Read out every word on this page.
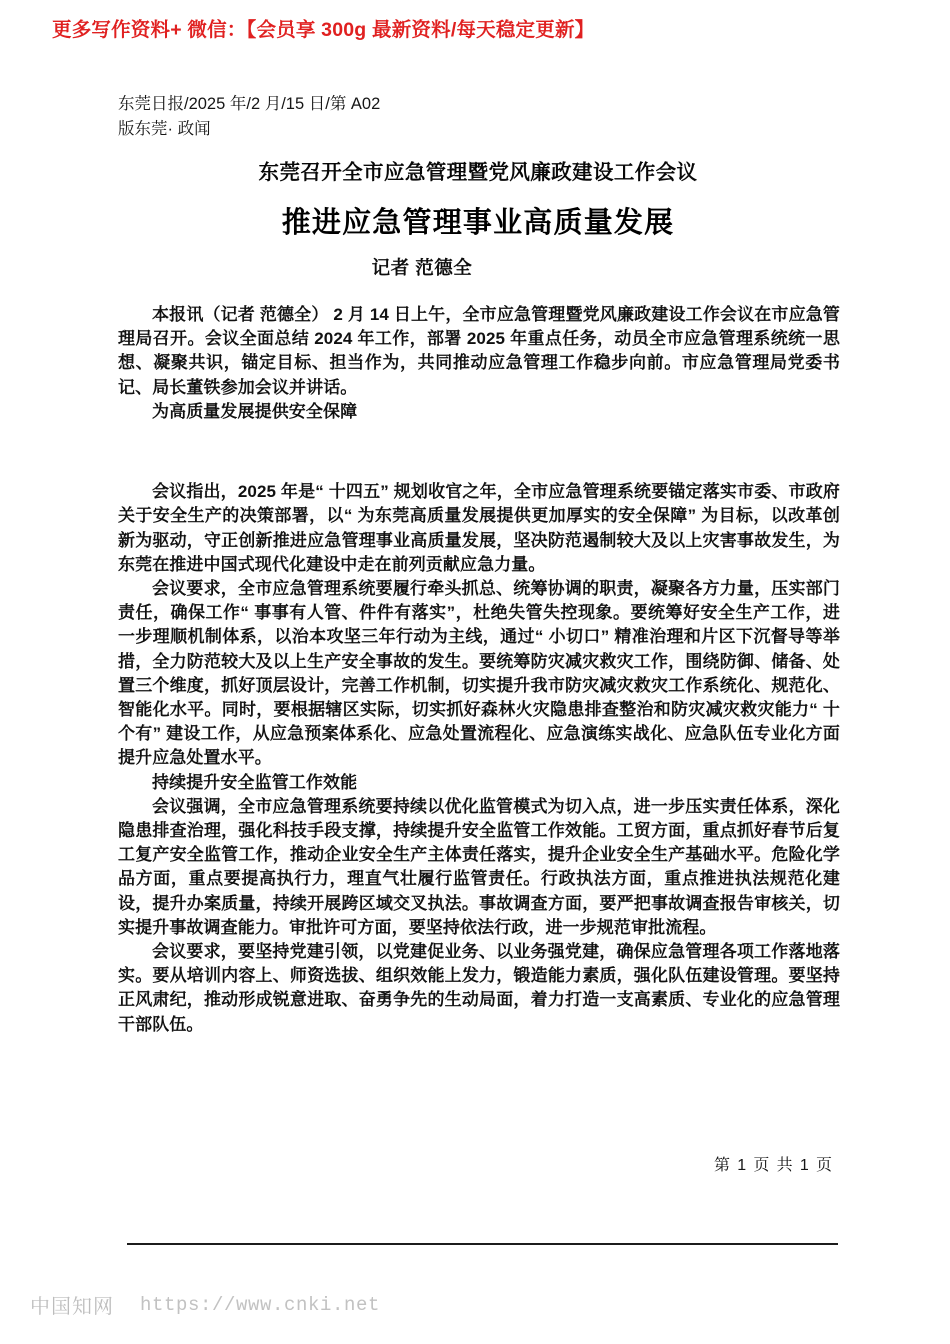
更多写作资料+ 微信：【会员享 300g 最新资料/每天稳定更新】
东莞日报/2025 年/2 月/15 日/第 A02
版东莞· 政闻
东莞召开全市应急管理暨党风廉政建设工作会议
推进应急管理事业高质量发展
记者 范德全

本报讯（记者 范德全） 2 月 14 日上午，全市应急管理暨党风廉政建设工作会议在市应急管理局召开。会议全面总结 2024 年工作，部署 2025 年重点任务，动员全市应急管理系统统一思想、凝聚共识，锚定目标、担当作为，共同推动应急管理工作稳步向前。市应急管理局党委书记、局长董铁参加会议并讲话。

为高质量发展提供安全保障

会议指出，2025 年是“ 十四五” 规划收官之年，全市应急管理系统要锚定落实市委、市政府关于安全生产的决策部署，以“ 为东莞高质量发展提供更加厚实的安全保障” 为目标，以改革创新为驱动，守正创新推进应急管理事业高质量发展，坚决防范遏制较大及以上灾害事故发生，为东莞在推进中国式现代化建设中走在前列贡献应急力量。

会议要求，全市应急管理系统要履行牵头抓总、统筹协调的职责，凝聚各方力量，压实部门责任，确保工作“ 事事有人管、件件有落实”，杜绝失管失控现象。要统筹好安全生产工作，进一步理顺机制体系，以治本攻坚三年行动为主线，通过“ 小切口” 精准治理和片区下沉督导等举措，全力防范较大及以上生产安全事故的发生。要统筹防灾减灾救灾工作，围绕防御、储备、处置三个维度，抓好顶层设计，完善工作机制，切实提升我市防灾减灾救灾工作系统化、规范化、智能化水平。同时，要根据辖区实际，切实抓好森林火灾隐患排查整治和防灾减灾救灾能力“ 十个有” 建设工作，从应急预案体系化、应急处置流程化、应急演练实战化、应急队伍专业化方面提升应急处置水平。

持续提升安全监管工作效能

会议强调，全市应急管理系统要持续以优化监管模式为切入点，进一步压实责任体系，深化隐患排查治理，强化科技手段支撑，持续提升安全监管工作效能。工贸方面，重点抓好春节后复工复产安全监管工作，推动企业安全生产主体责任落实，提升企业安全生产基础水平。危险化学品方面，重点要提高执行力，理直气壮履行监管责任。行政执法方面，重点推进执法规范化建设，提升办案质量，持续开展跨区域交叉执法。事故调查方面，要严把事故调查报告审核关，切实提升事故调查能力。审批许可方面，要坚持依法行政，进一步规范审批流程。

会议要求，要坚持党建引领，以党建促业务、以业务强党建，确保应急管理各项工作落地落实。要从培训内容上、师资选拔、组织效能上发力，锻造能力素质，强化队伍建设管理。要坚持正风肃纪，推动形成锐意进取、奋勇争先的生动局面，着力打造一支高素质、专业化的应急管理干部队伍。

第 1 页 共 1 页
中国知网 https://www.cnki.net
